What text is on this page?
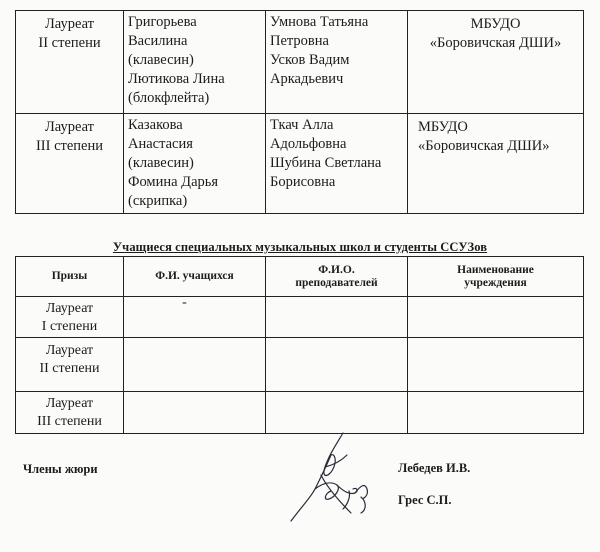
Лауреат
II степени	Григорьева
Василина
(клавесин)
Лютикова Лина
(блокфлейта)	Умнова Татьяна
Петровна
Усков Вадим
Аркадьевич	МБУДО
«Боровичская ДШИ»

Лауреат
III степени	Казакова
Анастасия
(клавесин)
Фомина Дарья
(скрипка)	Ткач Алла
Адольфовна
Шубина Светлана
Борисовна	МБУДО
«Боровичская ДШИ»
Учащиеся специальных музыкальных школ и студенты ССУЗов
Призы	Ф.И. учащихся	Ф.И.О.
преподавателей	Наименование
учреждения

Лауреат
I степени	-		

Лауреат
II степени			

Лауреат
III степени			

Члены жюри	Лебедев И.В.
Грес С.П.
